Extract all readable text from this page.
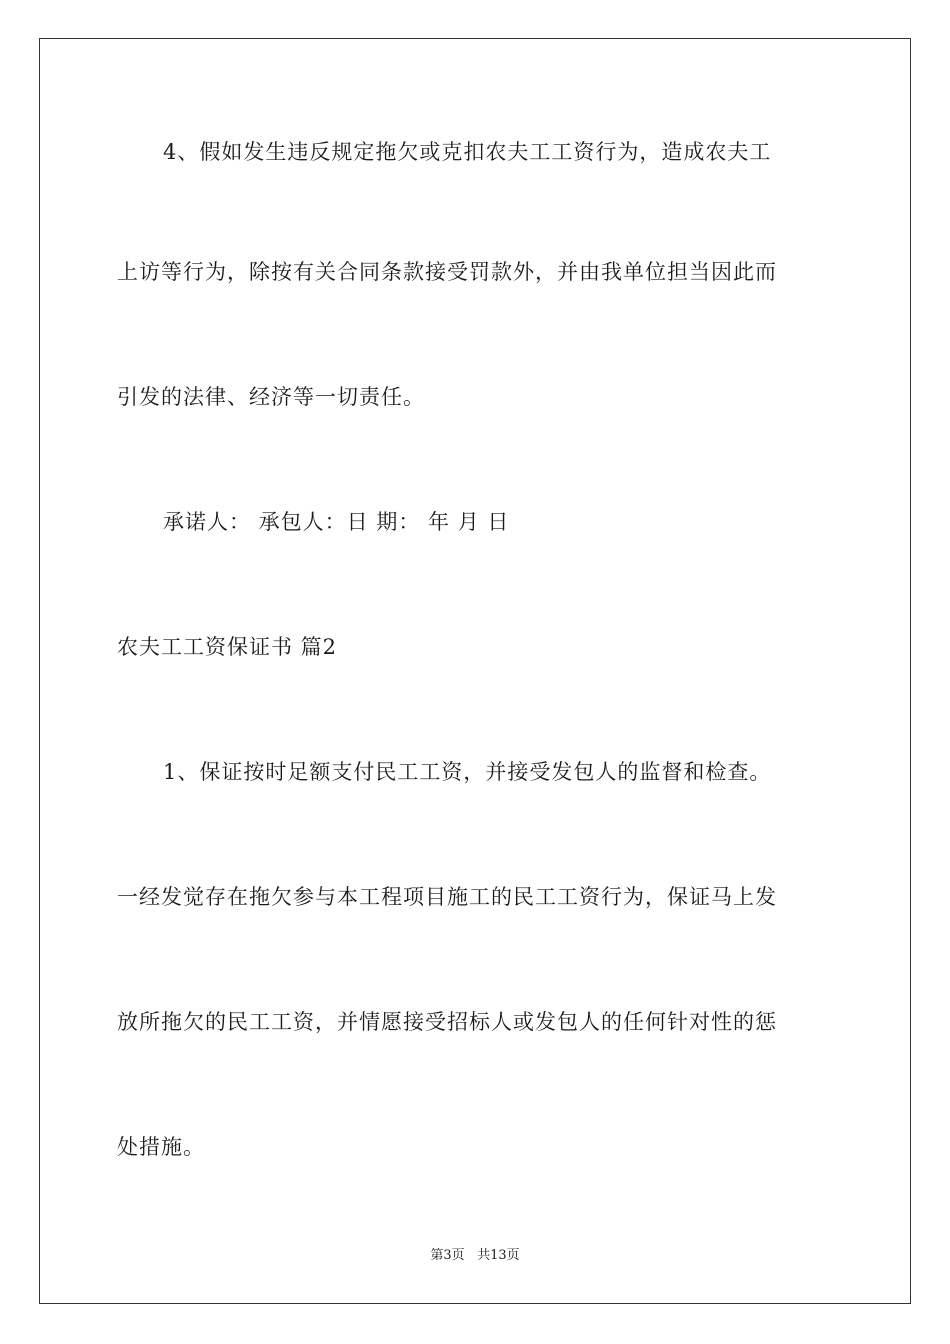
4、假如发生违反规定拖欠或克扣农夫工工资行为，造成农夫工
上访等行为，除按有关合同条款接受罚款外，并由我单位担当因此而
引发的法律、经济等一切责任。
承诺人： 承包人：日 期： 年 月 日
农夫工工资保证书 篇2
1、保证按时足额支付民工工资，并接受发包人的监督和检查。
一经发觉存在拖欠参与本工程项目施工的民工工资行为，保证马上发
放所拖欠的民工工资，并情愿接受招标人或发包人的任何针对性的惩
处措施。
第3页 共13页
